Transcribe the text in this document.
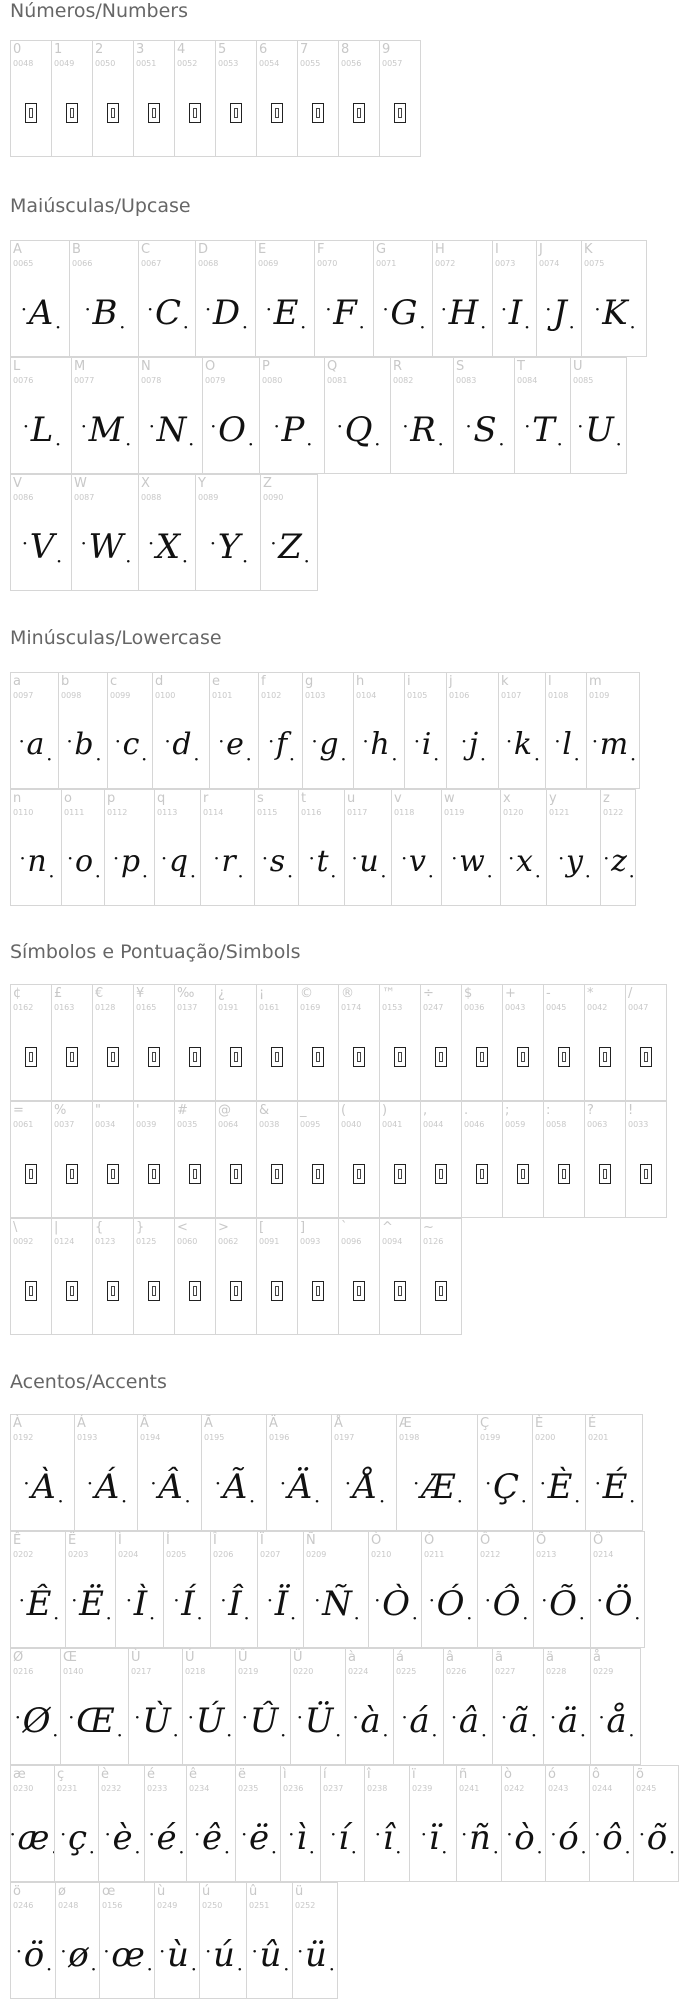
Números/Numbers
0
0048
1
0049
2
0050
3
0051
4
0052
5
0053
6
0054
7
0055
8
0056
9
0057
Maiúsculas/Upcase
A
0065
· A ·
B
0066
· B ·
C
0067
· C ·
D
0068
· D ·
E
0069
· E ·
F
0070
· F ·
G
0071
· G ·
H
0072
· H ·
I
0073
· I ·
J
0074
· J ·
K
0075
· K ·
L
0076
· L ·
M
0077
· M ·
N
0078
· N ·
O
0079
· O ·
P
0080
· P ·
Q
0081
· Q ·
R
0082
· R ·
S
0083
· S ·
T
0084
· T ·
U
0085
· U ·
V
0086
· V ·
W
0087
· W ·
X
0088
· X ·
Y
0089
· Y ·
Z
0090
· Z ·
Minúsculas/Lowercase
a
0097
· a ·
b
0098
· b ·
c
0099
· c ·
d
0100
· d ·
e
0101
· e ·
f
0102
· f ·
g
0103
· g ·
h
0104
· h ·
i
0105
· i ·
j
0106
· j ·
k
0107
· k ·
l
0108
· l ·
m
0109
· m ·
n
0110
· n ·
o
0111
· o ·
p
0112
· p ·
q
0113
· q ·
r
0114
· r ·
s
0115
· s ·
t
0116
· t ·
u
0117
· u ·
v
0118
· v ·
w
0119
· w ·
x
0120
· x ·
y
0121
· y ·
z
0122
· z ·
Símbolos e Pontuação/Simbols
¢
0162
£
0163
€
0128
¥
0165
‰
0137
¿
0191
¡
0161
©
0169
®
0174
™
0153
÷
0247
$
0036
+
0043
-
0045
*
0042
/
0047
=
0061
%
0037
"
0034
'
0039
#
0035
@
0064
&
0038
_
0095
(
0040
)
0041
,
0044
.
0046
;
0059
:
0058
?
0063
!
0033
\
0092
|
0124
{
0123
}
0125
<
0060
>
0062
[
0091
]
0093
`
0096
^
0094
~
0126
Acentos/Accents
À
0192
· À ·
Á
0193
· Á ·
Â
0194
· Â ·
Ã
0195
· Ã ·
Ä
0196
· Ä ·
Å
0197
· Å ·
Æ
0198
· Æ ·
Ç
0199
· Ç ·
È
0200
· È ·
É
0201
· É ·
Ê
0202
· Ê ·
Ë
0203
· Ë ·
Ì
0204
· Ì ·
Í
0205
· Í ·
Î
0206
· Î ·
Ï
0207
· Ï ·
Ñ
0209
· Ñ ·
Ò
0210
· Ò ·
Ó
0211
· Ó ·
Ô
0212
· Ô ·
Õ
0213
· Õ ·
Ö
0214
· Ö ·
Ø
0216
· Ø ·
Œ
0140
· Œ ·
Ù
0217
· Ù ·
Ú
0218
· Ú ·
Û
0219
· Û ·
Ü
0220
· Ü ·
à
0224
· à ·
á
0225
· á ·
â
0226
· â ·
ã
0227
· ã ·
ä
0228
· ä ·
å
0229
· å ·
æ
0230
· æ ·
ç
0231
· ç ·
è
0232
· è ·
é
0233
· é ·
ê
0234
· ê ·
ë
0235
· ë ·
ì
0236
· ì ·
í
0237
· í ·
î
0238
· î ·
ï
0239
· ï ·
ñ
0241
· ñ ·
ò
0242
· ò ·
ó
0243
· ó ·
ô
0244
· ô ·
õ
0245
· õ ·
ö
0246
· ö ·
ø
0248
· ø ·
œ
0156
· œ ·
ù
0249
· ù ·
ú
0250
· ú ·
û
0251
· û ·
ü
0252
· ü ·
